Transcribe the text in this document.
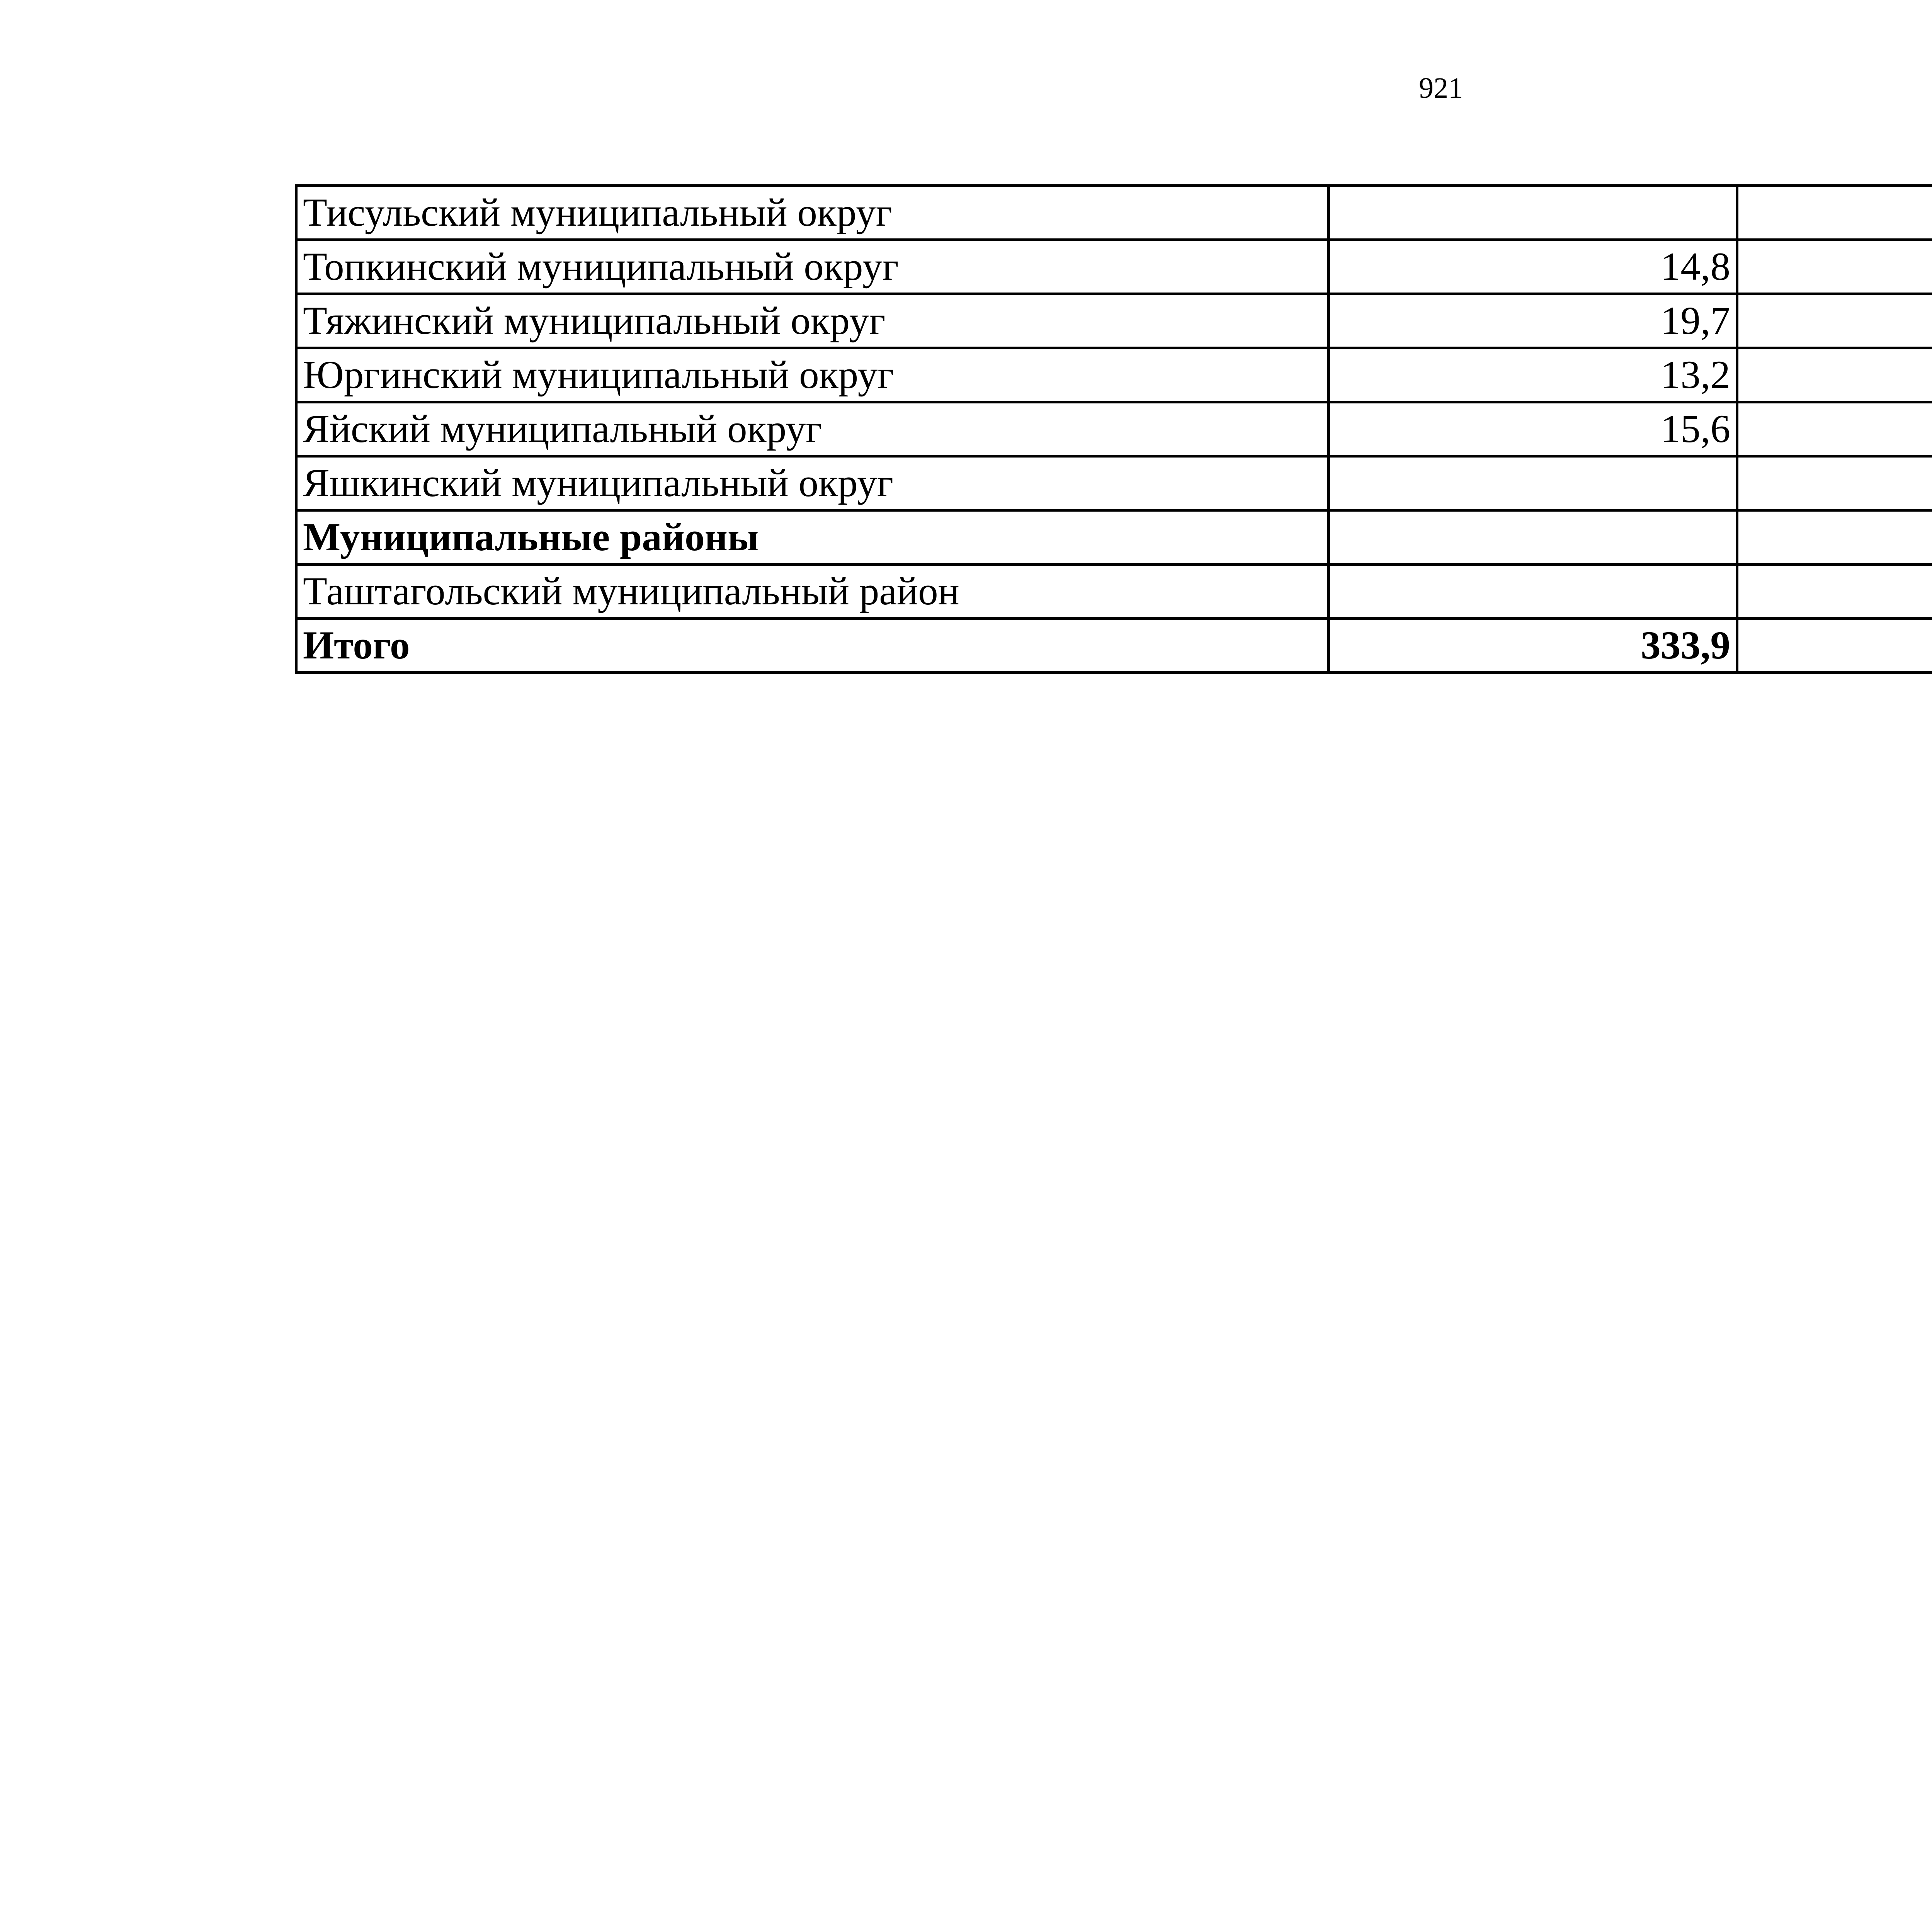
921
Тисульский муниципальный округ			
Топкинский муниципальный округ	14,8		
Тяжинский муниципальный округ	19,7		
Юргинский муниципальный округ	13,2		
Яйский муниципальный округ	15,6		
Яшкинский муниципальный округ			
Муниципальные районы			
Таштагольский муниципальный район			
Итого	333,9		
